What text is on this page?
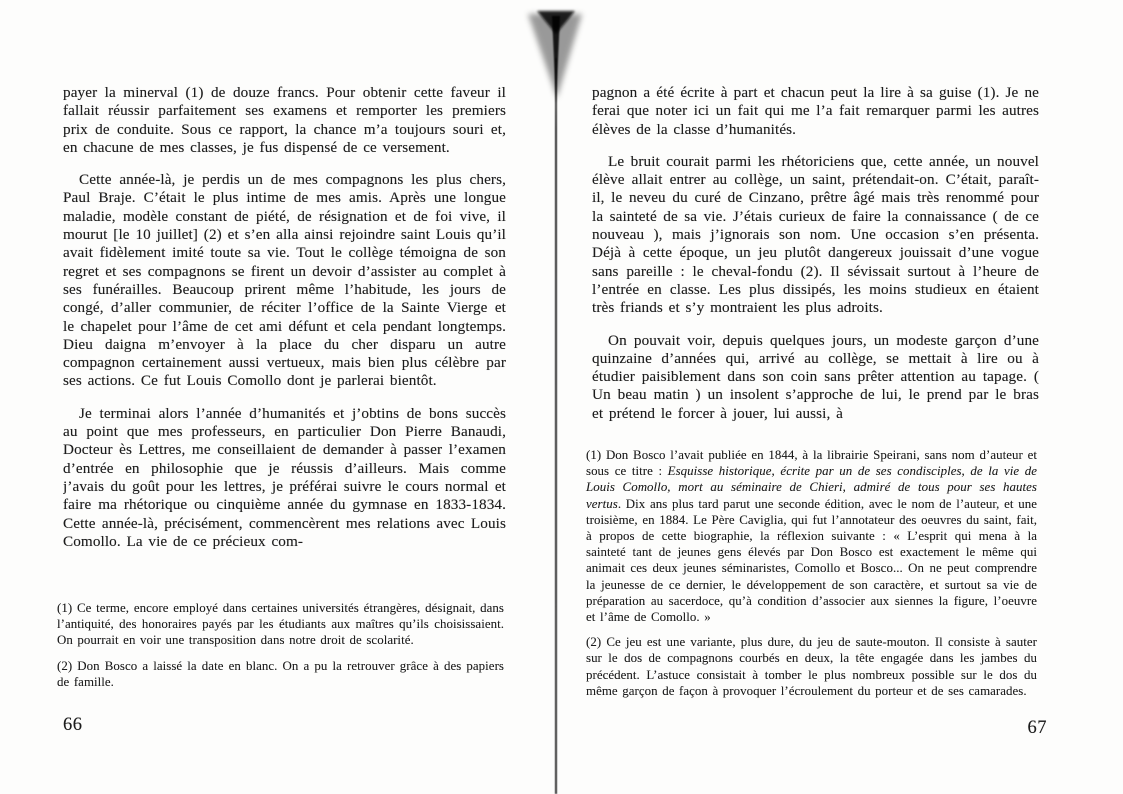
payer la minerval (1) de douze francs. Pour obtenir cette faveur il fallait réussir parfaitement ses examens et remporter les premiers prix de conduite. Sous ce rapport, la chance m’a toujours souri et, en chacune de mes classes, je fus dispensé de ce versement.

Cette année-là, je perdis un de mes compagnons les plus chers, Paul Braje. C’était le plus intime de mes amis. Après une longue maladie, modèle constant de piété, de résignation et de foi vive, il mourut [le 10 juillet] (2) et s’en alla ainsi rejoindre saint Louis qu’il avait fidèlement imité toute sa vie. Tout le collège témoigna de son regret et ses compagnons se firent un devoir d’assister au complet à ses funérailles. Beaucoup prirent même l’habitude, les jours de congé, d’aller communier, de réciter l’office de la Sainte Vierge et le chapelet pour l’âme de cet ami défunt et cela pendant longtemps. Dieu daigna m’envoyer à la place du cher disparu un autre compagnon certainement aussi vertueux, mais bien plus célèbre par ses actions. Ce fut Louis Comollo dont je parlerai bientôt.

Je terminai alors l’année d’humanités et j’obtins de bons succès au point que mes professeurs, en particulier Don Pierre Banaudi, Docteur ès Lettres, me conseillaient de demander à passer l’examen d’entrée en philosophie que je réussis d’ailleurs. Mais comme j’avais du goût pour les lettres, je préférai suivre le cours normal et faire ma rhétorique ou cinquième année du gymnase en 1833-1834. Cette année-là, précisément, commencèrent mes relations avec Louis Comollo. La vie de ce précieux com-

(1) Ce terme, encore employé dans certaines universités étrangères, désignait, dans l’antiquité, des honoraires payés par les étudiants aux maîtres qu’ils choisissaient. On pourrait en voir une transposition dans notre droit de scolarité.

(2) Don Bosco a laissé la date en blanc. On a pu la retrouver grâce à des papiers de famille.

66

pagnon a été écrite à part et chacun peut la lire à sa guise (1). Je ne ferai que noter ici un fait qui me l’a fait remarquer parmi les autres élèves de la classe d’humanités.

Le bruit courait parmi les rhétoriciens que, cette année, un nouvel élève allait entrer au collège, un saint, prétendait-on. C’était, paraît-il, le neveu du curé de Cinzano, prêtre âgé mais très renommé pour la sainteté de sa vie. J’étais curieux de faire la connaissance ( de ce nouveau ), mais j’ignorais son nom. Une occasion s’en présenta. Déjà à cette époque, un jeu plutôt dangereux jouissait d’une vogue sans pareille : le cheval-fondu (2). Il sévissait surtout à l’heure de l’entrée en classe. Les plus dissipés, les moins studieux en étaient très friands et s’y montraient les plus adroits.

On pouvait voir, depuis quelques jours, un modeste garçon d’une quinzaine d’années qui, arrivé au collège, se mettait à lire ou à étudier paisiblement dans son coin sans prêter attention au tapage. ( Un beau matin ) un insolent s’approche de lui, le prend par le bras et prétend le forcer à jouer, lui aussi, à

(1) Don Bosco l’avait publiée en 1844, à la librairie Speirani, sans nom d’auteur et sous ce titre : Esquisse historique, écrite par un de ses condisciples, de la vie de Louis Comollo, mort au séminaire de Chieri, admiré de tous pour ses hautes vertus. Dix ans plus tard parut une seconde édition, avec le nom de l’auteur, et une troisième, en 1884. Le Père Caviglia, qui fut l’annotateur des oeuvres du saint, fait, à propos de cette biographie, la réflexion suivante : « L’esprit qui mena à la sainteté tant de jeunes gens élevés par Don Bosco est exactement le même qui animait ces deux jeunes séminaristes, Comollo et Bosco... On ne peut comprendre la jeunesse de ce dernier, le développement de son caractère, et surtout sa vie de préparation au sacerdoce, qu’à condition d’associer aux siennes la figure, l’oeuvre et l’âme de Comollo. »

(2) Ce jeu est une variante, plus dure, du jeu de saute-mouton. Il consiste à sauter sur le dos de compagnons courbés en deux, la tête engagée dans les jambes du précédent. L’astuce consistait à tomber le plus nombreux possible sur le dos du même garçon de façon à provoquer l’écroulement du porteur et de ses camarades.

67
